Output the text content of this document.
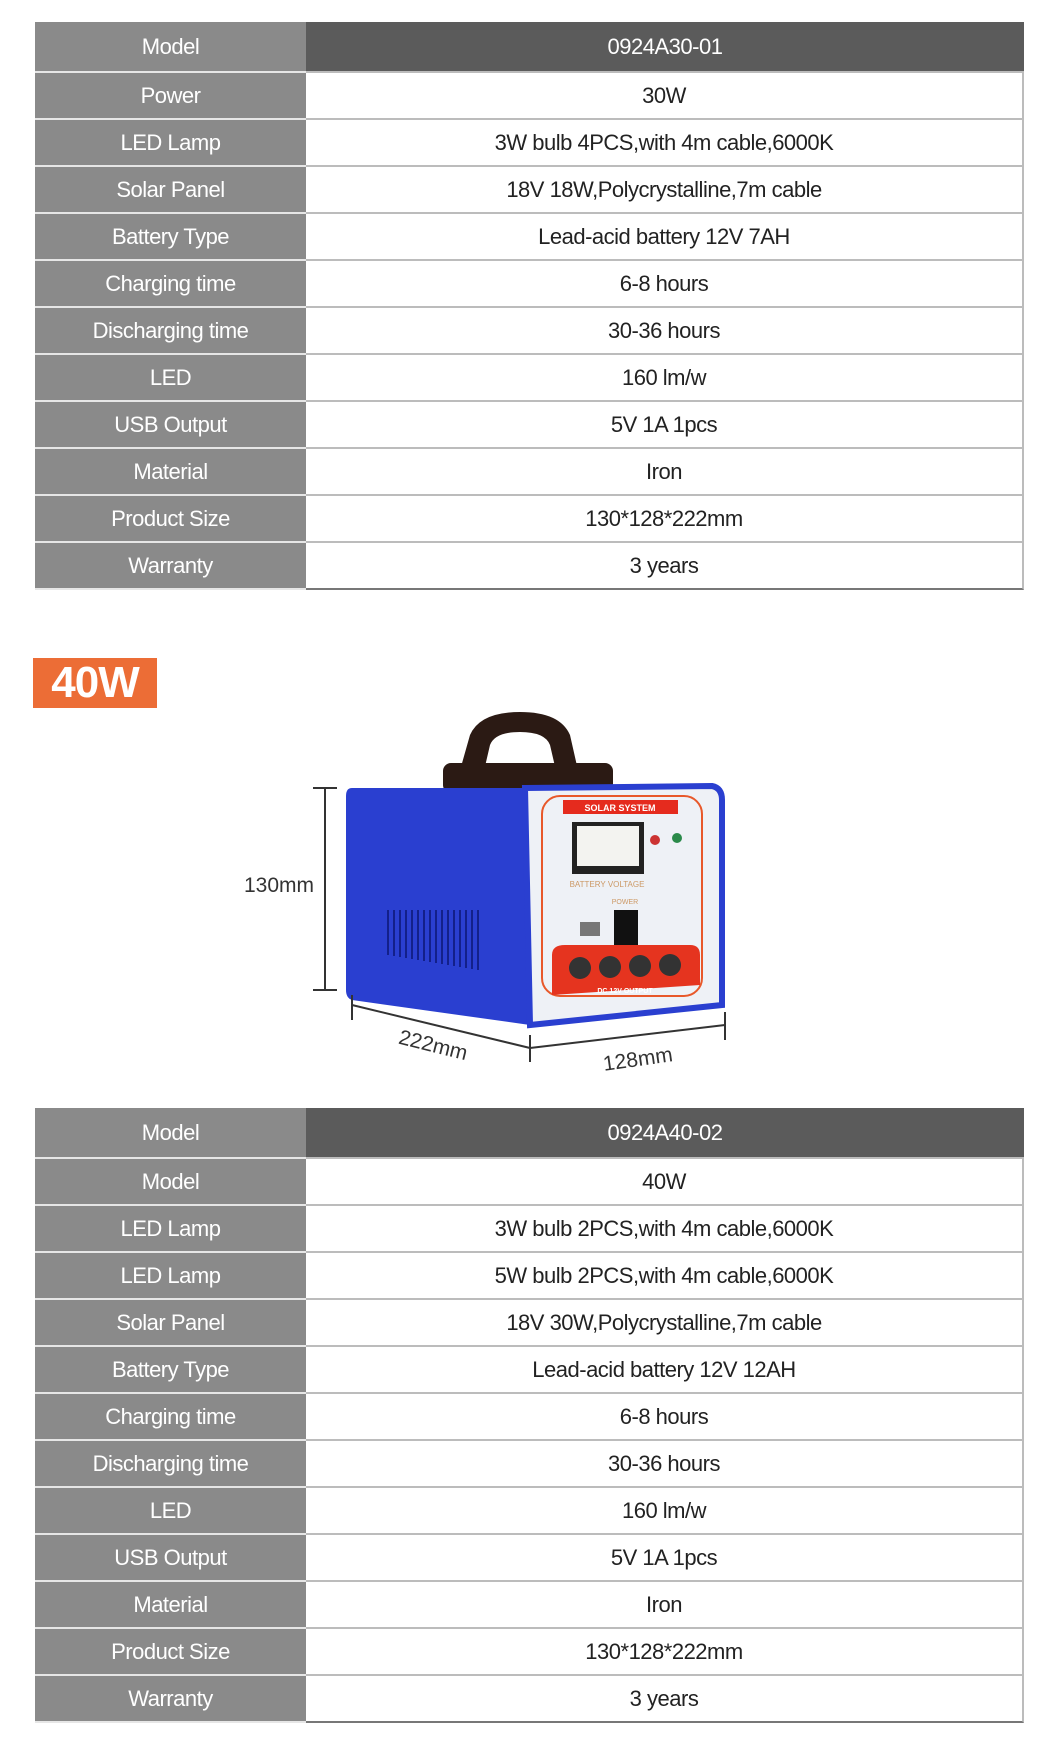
Model	0924A30-01
Power	30W
LED Lamp	3W bulb 4PCS,with 4m cable,6000K
Solar Panel	18V 18W,Polycrystalline,7m cable
Battery Type	Lead-acid battery 12V 7AH
Charging time	6-8 hours
Discharging time	30-36 hours
LED	160 lm/w
USB Output	5V 1A 1pcs
Material	Iron
Product Size	130*128*222mm
Warranty	3 years
40W
SOLAR SYSTEM
BATTERY VOLTAGE
POWER
DC 12V OUTPUT
130mm
222mm	128mm
Model	0924A40-02
Model	40W
LED Lamp	3W bulb 2PCS,with 4m cable,6000K
LED Lamp	5W bulb 2PCS,with 4m cable,6000K
Solar Panel	18V 30W,Polycrystalline,7m cable
Battery Type	Lead-acid battery 12V 12AH
Charging time	6-8 hours
Discharging time	30-36 hours
LED	160 lm/w
USB Output	5V 1A 1pcs
Material	Iron
Product Size	130*128*222mm
Warranty	3 years
